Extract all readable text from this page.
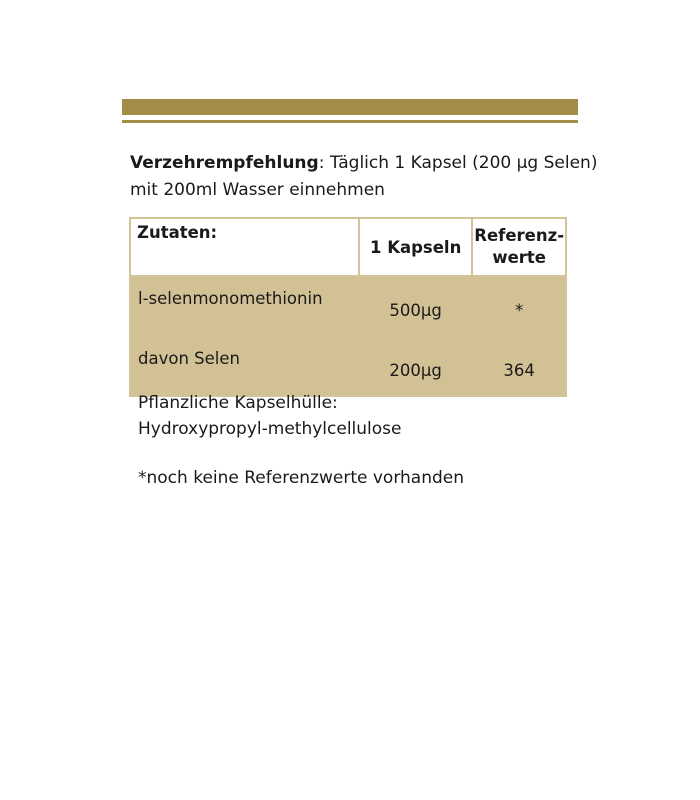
Verzehrempfehlung: Täglich 1 Kapsel (200 µg Selen) mit 200ml Wasser einnehmen

Zutaten:	1 Kapseln	Referenz-
werte
l-selenmonomethionin	500µg	*
davon Selen	200µg	364

Pflanzliche Kapselhülle:
Hydroxypropyl-methylcellulose

*noch keine Referenzwerte vorhanden
